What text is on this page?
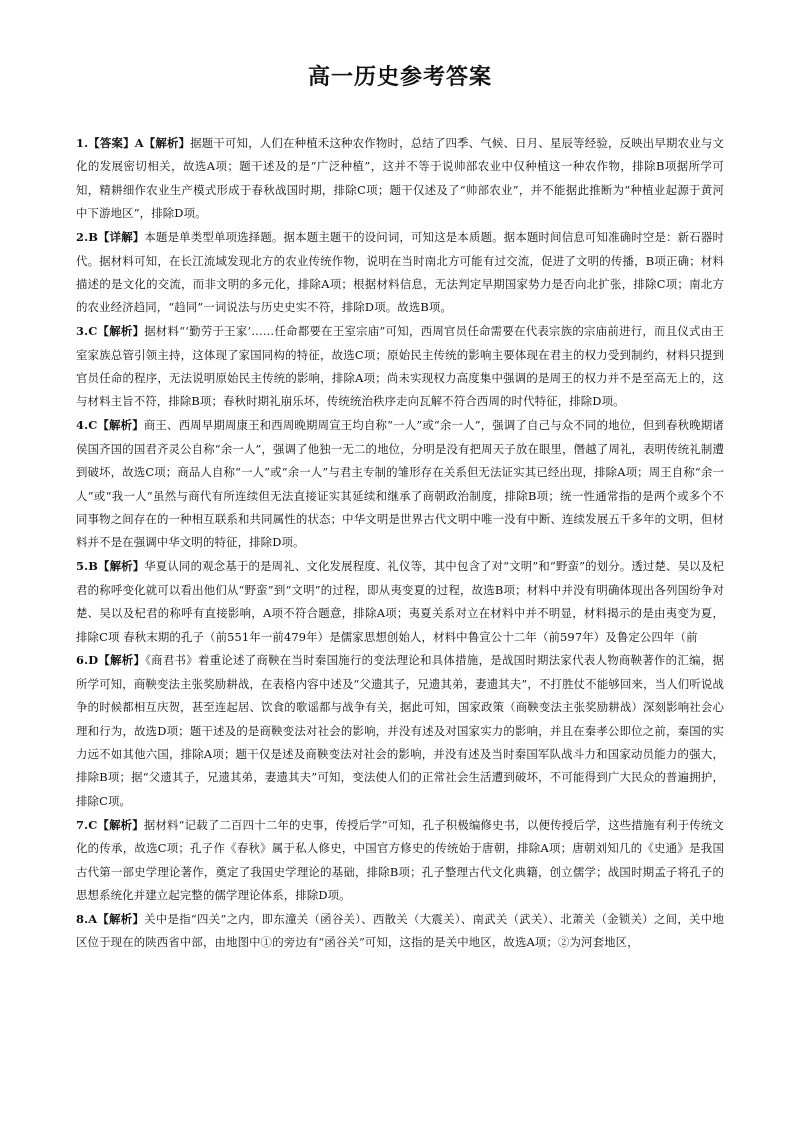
高一历史参考答案

1.【答案】A【解析】据题干可知，人们在种植禾这种农作物时，总结了四季、气候、日月、星辰等经验，反映出早期农业与文化的发展密切相关，故选A项；题干述及的是“广泛种植”，这并不等于说帅部农业中仅种植这一种农作物，排除B项据所学可知，精耕细作农业生产模式形成于春秋战国时期，排除C项；题干仅述及了“帅部农业”，并不能据此推断为“种植业起源于黄河中下游地区”，排除D项。

2.B【详解】本题是单类型单项选择题。据本题主题干的设问词，可知这是本质题。据本题时间信息可知准确时空是：新石器时代。据材料可知，在长江流域发现北方的农业传统作物，说明在当时南北方可能有过交流，促进了文明的传播，B项正确；材料描述的是文化的交流，而非文明的多元化，排除A项；根据材料信息，无法判定早期国家势力是否向北扩张，排除C项；南北方的农业经济趋同，“趋同”一词说法与历史史实不符，排除D项。故选B项。

3.C【解析】据材料“‘勤劳于王家’……任命都要在王室宗庙”可知，西周官员任命需要在代表宗族的宗庙前进行，而且仪式由王室家族总管引领主持，这体现了家国同构的特征，故选C项；原始民主传统的影响主要体现在君主的权力受到制约，材料只提到官员任命的程序，无法说明原始民主传统的影响，排除A项；尚未实现权力高度集中强调的是周王的权力并不是至高无上的，这与材料主旨不符，排除B项；春秋时期礼崩乐坏，传统统治秩序走向瓦解不符合西周的时代特征，排除D项。

4.C【解析】商王、西周早期周康王和西周晚期周宣王均自称“一人”或“余一人”，强调了自己与众不同的地位，但到春秋晚期诸侯国齐国的国君齐灵公自称“余一人”，强调了他独一无二的地位，分明是没有把周天子放在眼里，僭越了周礼，表明传统礼制遭到破坏，故选C项；商品人自称“一人”或“余一人”与君主专制的雏形存在关系但无法证实其已经出现，排除A项；周王自称“余一人”或“我一人”虽然与商代有所连续但无法直接证实其延续和继承了商朝政治制度，排除B项；统一性通常指的是两个或多个不同事物之间存在的一种相互联系和共同属性的状态；中华文明是世界古代文明中唯一没有中断、连续发展五千多年的文明，但材料并不是在强调中华文明的特征，排除D项。

5.B【解析】华夏认同的观念基于的是周礼、文化发展程度、礼仪等，其中包含了对“文明”和“野蛮”的划分。透过楚、吴以及杞君的称呼变化就可以看出他们从“野蛮”到“文明”的过程，即从夷变夏的过程，故选B项；材料中并没有明确体现出各列国纷争对楚、吴以及杞君的称呼有直接影响，A项不符合题意，排除A项；夷夏关系对立在材料中并不明显，材料揭示的是由夷变为夏，排除C项 春秋末期的孔子（前551年一前479年）是儒家思想创始人，材料中鲁宣公十二年（前597年）及鲁定公四年（前

6.D【解析】《商君书》着重论述了商鞅在当时秦国施行的变法理论和具体措施，是战国时期法家代表人物商鞅著作的汇编，据所学可知，商鞅变法主张奖励耕战，在表格内容中述及“父遗其子，兄遗其弟，妻遗其夫”，不打胜仗不能够回来，当人们听说战争的时候都相互庆贺，甚至连起居、饮食的歌谣都与战争有关，据此可知，国家政策（商鞅变法主张奖励耕战）深刻影响社会心理和行为，故选D项；题干述及的是商鞅变法对社会的影响，并没有述及对国家实力的影响，并且在秦孝公即位之前，秦国的实力远不如其他六国，排除A项；题干仅是述及商鞅变法对社会的影响，并没有述及当时秦国军队战斗力和国家动员能力的强大，排除B项；据“父遗其子，兄遗其弟，妻遗其夫”可知，变法使人们的正常社会生活遭到破坏，不可能得到广大民众的普遍拥护，排除C项。

7.C【解析】据材料“记载了二百四十二年的史事，传授后学”可知，孔子积极编修史书，以便传授后学，这些措施有利于传统文化的传承，故选C项；孔子作《春秋》属于私人修史，中国官方修史的传统始于唐朝，排除A项；唐朝刘知几的《史通》是我国古代第一部史学理论著作，奠定了我国史学理论的基础，排除B项；孔子整理古代文化典籍，创立儒学；战国时期孟子将孔子的思想系统化并建立起完整的儒学理论体系，排除D项。

8.A【解析】关中是指“四关”之内，即东潼关（函谷关）、西散关（大震关）、南武关（武关）、北萧关（金锁关）之间，关中地区位于现在的陕西省中部，由地图中①的旁边有“函谷关”可知，这指的是关中地区，故选A项；②为河套地区，
